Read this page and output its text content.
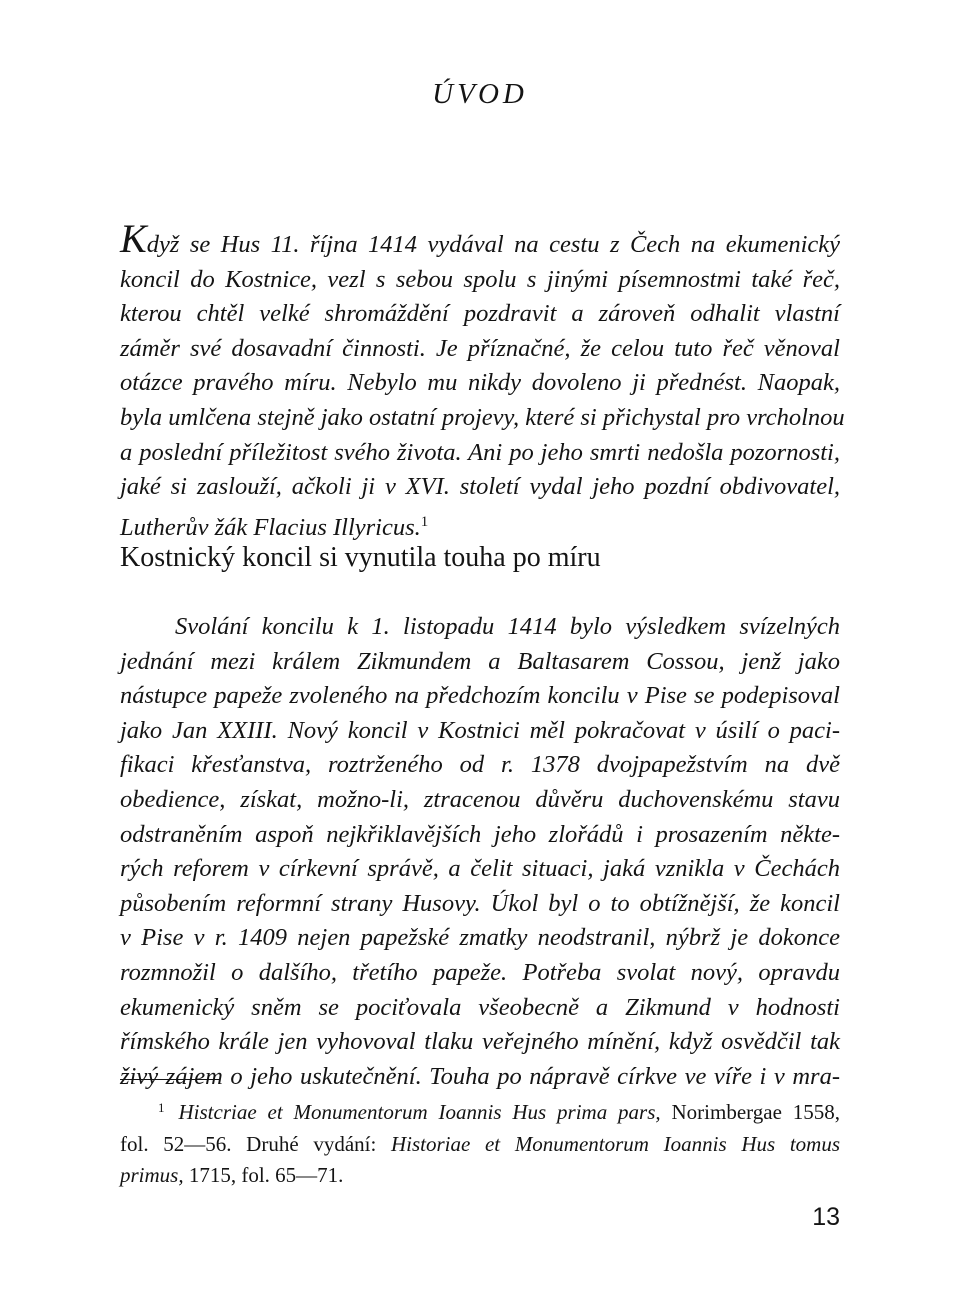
ÚVOD
Když se Hus 11. října 1414 vydával na cestu z Čech na ekumenický
koncil do Kostnice, vezl s sebou spolu s jinými písemnostmi také řeč,
kterou chtěl velké shromáždění pozdravit a zároveň odhalit vlastní
záměr své dosavadní činnosti. Je příznačné, že celou tuto řeč věnoval
otázce pravého míru. Nebylo mu nikdy dovoleno ji přednést. Naopak,
byla umlčena stejně jako ostatní projevy, které si přichystal pro vrcholnou
a poslední příležitost svého života. Ani po jeho smrti nedošla pozornosti,
jaké si zaslouží, ačkoli ji v XVI. století vydal jeho pozdní obdivovatel,
Lutherův žák Flacius Illyricus.$^1$
Kostnický koncil si vynutila touha po míru
Svolání koncilu k 1. listopadu 1414 bylo výsledkem svízelných
jednání mezi králem Zikmundem a Baltasarem Cossou, jenž jako
nástupce papeže zvoleného na předchozím koncilu v Pise se podepisoval
jako Jan XXIII. Nový koncil v Kostnici měl pokračovat v úsilí o paci-
fikaci křesťanstva, roztrženého od r. 1378 dvojpapežstvím na dvě
obedience, získat, možno-li, ztracenou důvěru duchovenskému stavu
odstraněním aspoň nejkřiklavějších jeho zlořádů i prosazením někte-
rých reforem v církevní správě, a čelit situaci, jaká vznikla v Čechách
působením reformní strany Husovy. Úkol byl o to obtížnější, že koncil
v Pise v r. 1409 nejen papežské zmatky neodstranil, nýbrž je dokonce
rozmnožil o dalšího, třetího papeže. Potřeba svolat nový, opravdu
ekumenický sněm se pociťovala všeobecně a Zikmund v hodnosti
římského krále jen vyhovoval tlaku veřejného mínění, když osvědčil tak
živý zájem o jeho uskutečnění. Touha po nápravě církve ve víře i v mra-
$^1$ Histcriae et Monumentorum Ioannis Hus prima pars, Norimbergae 1558,
fol. 52—56. Druhé vydání: Historiae et Monumentorum Ioannis Hus tomus
primus, 1715, fol. 65—71.
13
